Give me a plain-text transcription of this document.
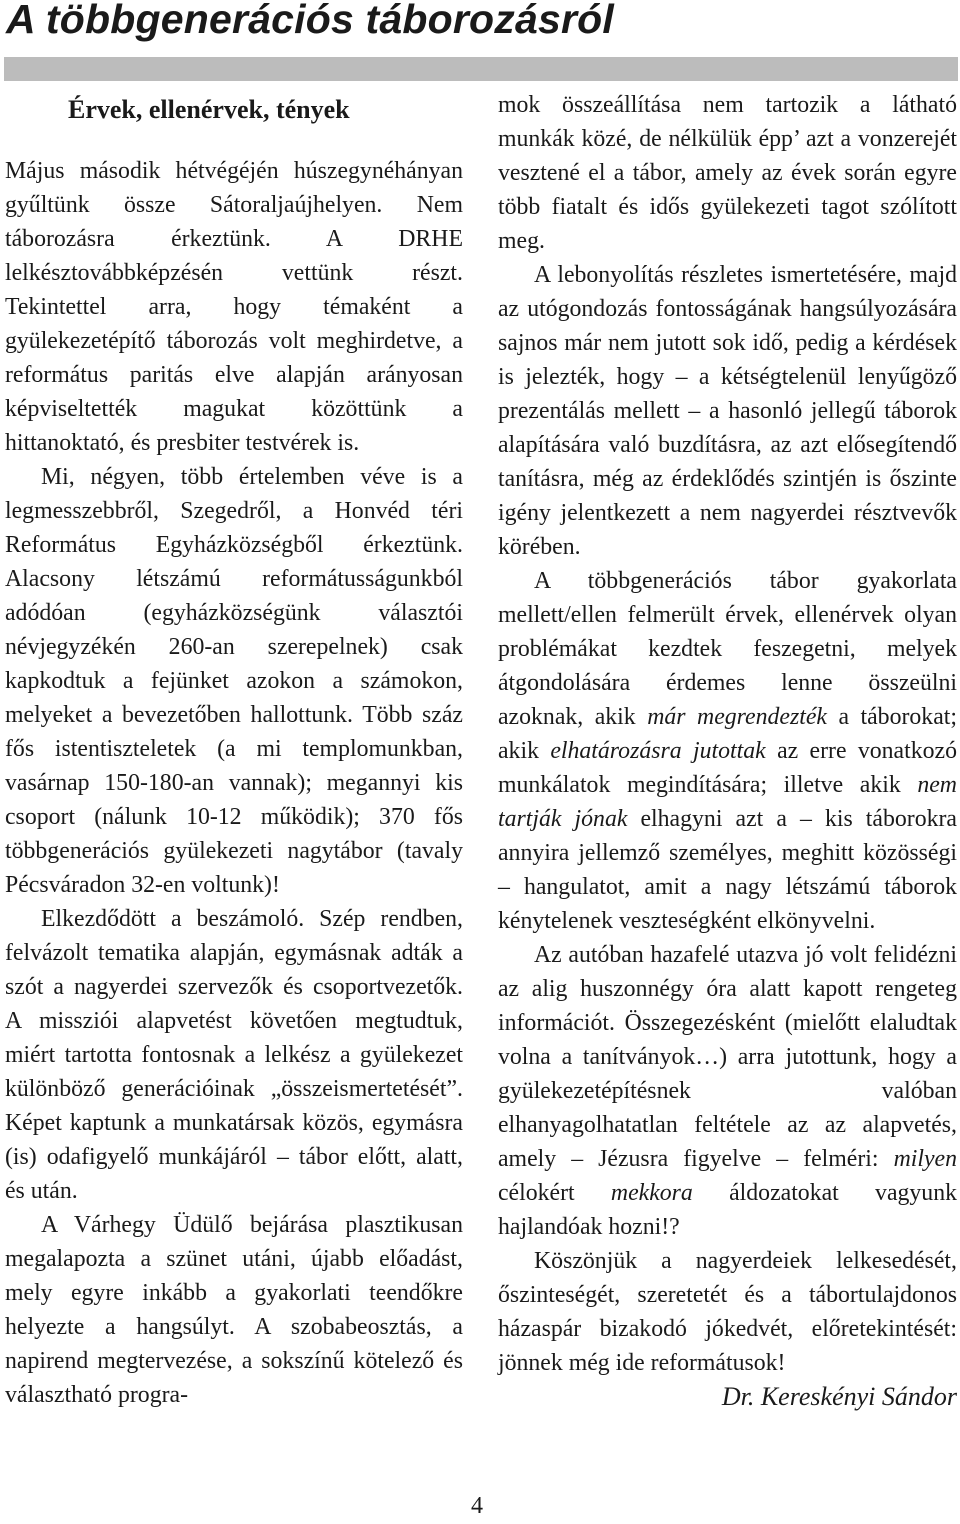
A többgenerációs táborozásról
Érvek, ellenérvek, tények

Május második hétvégéjén húszegynéhányan gyűltünk össze Sátoraljaújhelyen. Nem táborozásra érkeztünk. A DRHE lelkésztovábbképzésén vettünk részt. Tekintettel arra, hogy témaként a gyülekezetépítő táborozás volt meghirdetve, a református paritás elve alapján arányosan képviseltették magukat közöttünk a hittanoktató, és presbiter testvérek is.

Mi, négyen, több értelemben véve is a legmesszebbről, Szegedről, a Honvéd téri Református Egyházközségből érkeztünk. Alacsony létszámú reformátusságunkból adódóan (egyházközségünk választói névjegyzékén 260-an szerepelnek) csak kapkodtuk a fejünket azokon a számokon, melyeket a bevezetőben hallottunk. Több száz fős istentiszteletek (a mi templomunkban, vasárnap 150-180-an vannak); megannyi kis csoport (nálunk 10-12 működik); 370 fős többgenerációs gyülekezeti nagytábor (tavaly Pécsváradon 32-en voltunk)!

Elkezdődött a beszámoló. Szép rendben, felvázolt tematika alapján, egymásnak adták a szót a nagyerdei szervezők és csoportvezetők. A missziói alapvetést követően megtudtuk, miért tartotta fontosnak a lelkész a gyülekezet különböző generációinak „összeismertetését”. Képet kaptunk a munkatársak közös, egymásra (is) odafigyelő munkájáról – tábor előtt, alatt, és után.

A Várhegy Üdülő bejárása plasztikusan megalapozta a szünet utáni, újabb előadást, mely egyre inkább a gyakorlati teendőkre helyezte a hangsúlyt. A szobabeosztás, a napirend megtervezése, a sokszínű kötelező és választható progra-

mok összeállítása nem tartozik a látható munkák közé, de nélkülük épp’ azt a vonzerejét vesztené el a tábor, amely az évek során egyre több fiatalt és idős gyülekezeti tagot szólított meg.

A lebonyolítás részletes ismertetésére, majd az utógondozás fontosságának hangsúlyozására sajnos már nem jutott sok idő, pedig a kérdések is jelezték, hogy – a kétségtelenül lenyűgöző prezentálás mellett – a hasonló jellegű táborok alapítására való buzdításra, az azt elősegítendő tanításra, még az érdeklődés szintjén is őszinte igény jelentkezett a nem nagyerdei résztvevők körében.

A többgenerációs tábor gyakorlata mellett/ellen felmerült érvek, ellenérvek olyan problémákat kezdtek feszegetni, melyek átgondolására érdemes lenne összeülni azoknak, akik már megrendezték a táborokat; akik elhatározásra jutottak az erre vonatkozó munkálatok megindítására; illetve akik nem tartják jónak elhagyni azt a – kis táborokra annyira jellemző személyes, meghitt közösségi – hangulatot, amit a nagy létszámú táborok kénytelenek veszteségként elkönyvelni.

Az autóban hazafelé utazva jó volt felidézni az alig huszonnégy óra alatt kapott rengeteg információt. Összegezésként (mielőtt elaludtak volna a tanítványok…) arra jutottunk, hogy a gyülekezetépítésnek valóban elhanyagolhatatlan feltétele az az alapvetés, amely – Jézusra figyelve – felméri: milyen célokért mekkora áldozatokat vagyunk hajlandóak hozni!?

Köszönjük a nagyerdeiek lelkesedését, őszinteségét, szeretetét és a tábortulajdonos házaspár bizakodó jókedvét, előretekintését: jönnek még ide reformátusok!

Dr. Kereskényi Sándor

4
